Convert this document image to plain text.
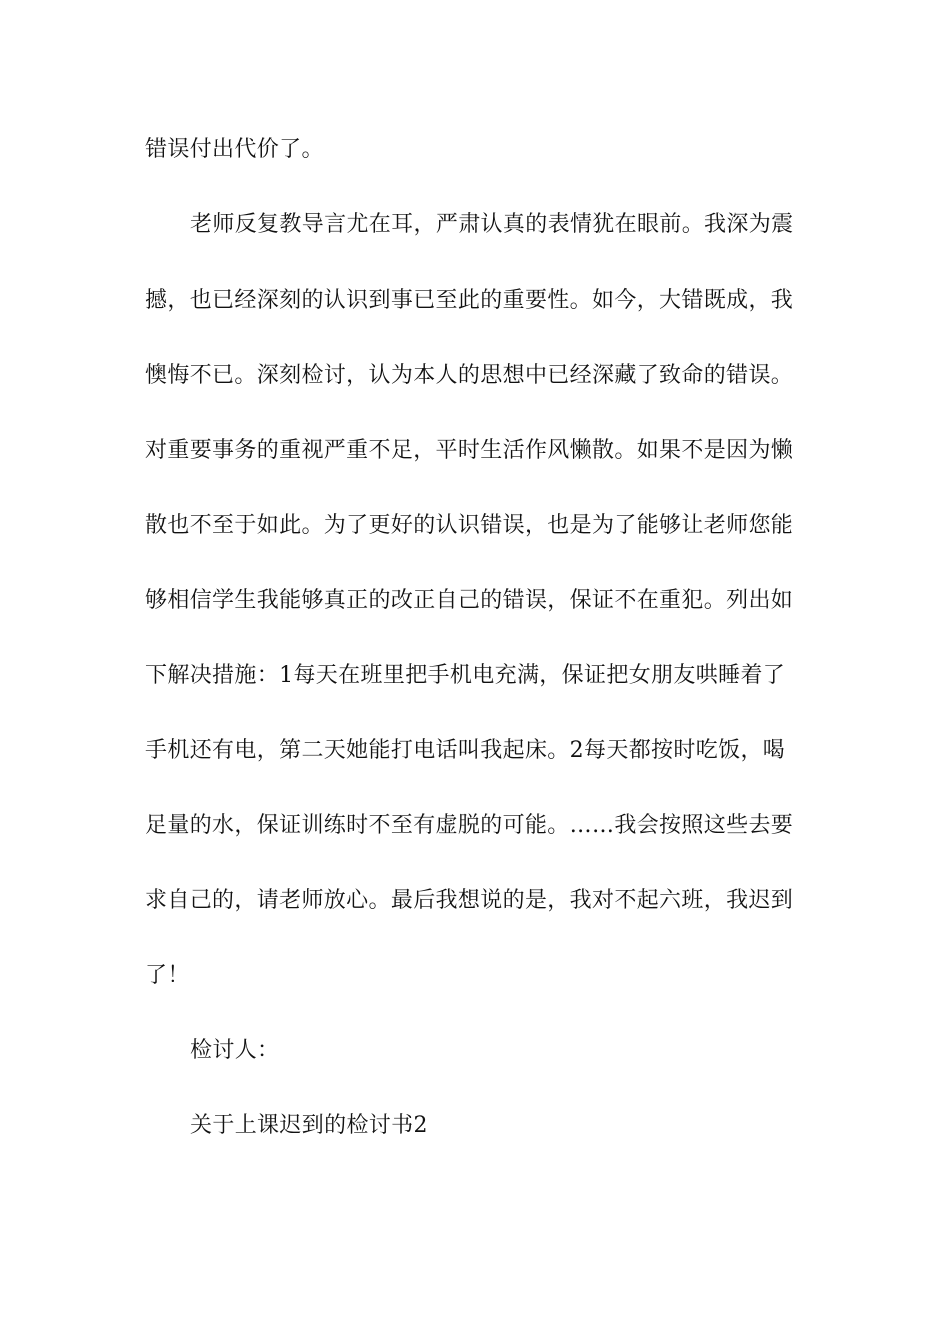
错误付出代价了。
老师反复教导言尤在耳，严肃认真的表情犹在眼前。我深为震
撼，也已经深刻的认识到事已至此的重要性。如今，大错既成，我
懊悔不已。深刻检讨，认为本人的思想中已经深藏了致命的错误。
对重要事务的重视严重不足，平时生活作风懒散。如果不是因为懒
散也不至于如此。为了更好的认识错误，也是为了能够让老师您能
够相信学生我能够真正的改正自己的错误，保证不在重犯。列出如
下解决措施：1每天在班里把手机电充满，保证把女朋友哄睡着了
手机还有电，第二天她能打电话叫我起床。2每天都按时吃饭，喝
足量的水，保证训练时不至有虚脱的可能。……我会按照这些去要
求自己的，请老师放心。最后我想说的是，我对不起六班，我迟到
了！
检讨人：
关于上课迟到的检讨书2
